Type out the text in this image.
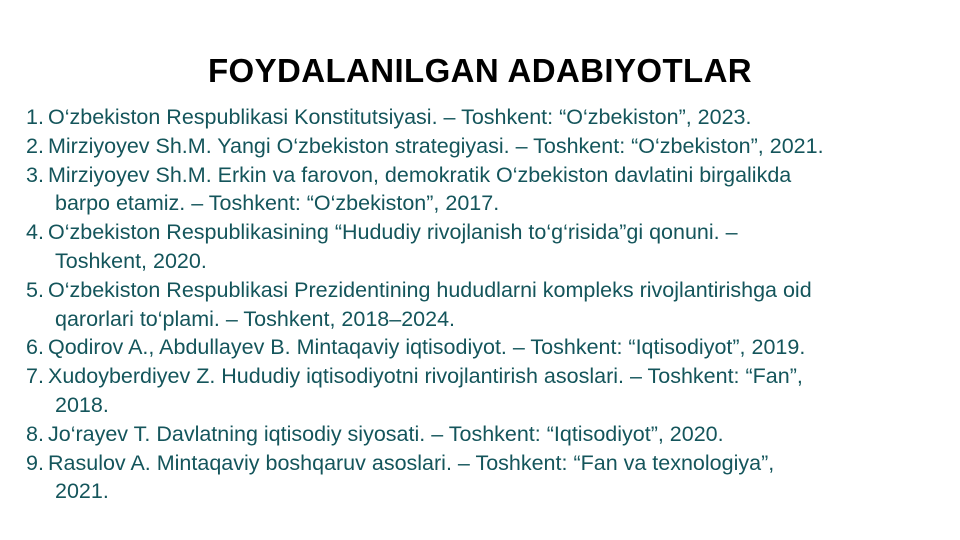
FOYDALANILGAN ADABIYOTLAR
1. O‘zbekiston Respublikasi Konstitutsiyasi. – Toshkent: “O‘zbekiston”, 2023.
2. Mirziyoyev Sh.M. Yangi O‘zbekiston strategiyasi. – Toshkent: “O‘zbekiston”, 2021.
3. Mirziyoyev Sh.M. Erkin va farovon, demokratik O‘zbekiston davlatini birgalikda
barpo etamiz. – Toshkent: “O‘zbekiston”, 2017.
4. O‘zbekiston Respublikasining “Hududiy rivojlanish to‘g‘risida”gi qonuni. –
Toshkent, 2020.
5. O‘zbekiston Respublikasi Prezidentining hududlarni kompleks rivojlantirishga oid
qarorlari to‘plami. – Toshkent, 2018–2024.
6. Qodirov A., Abdullayev B. Mintaqaviy iqtisodiyot. – Toshkent: “Iqtisodiyot”, 2019.
7. Xudoyberdiyev Z. Hududiy iqtisodiyotni rivojlantirish asoslari. – Toshkent: “Fan”,
2018.
8. Jo‘rayev T. Davlatning iqtisodiy siyosati. – Toshkent: “Iqtisodiyot”, 2020.
9. Rasulov A. Mintaqaviy boshqaruv asoslari. – Toshkent: “Fan va texnologiya”,
2021.
